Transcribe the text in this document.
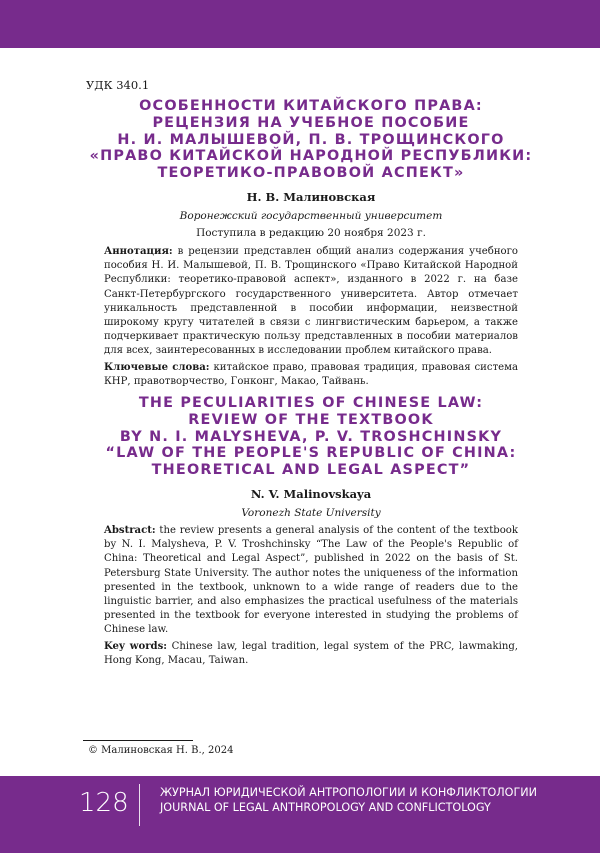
УДК 340.1
ОСОБЕННОСТИ КИТАЙСКОГО ПРАВА:
РЕЦЕНЗИЯ НА УЧЕБНОЕ ПОСОБИЕ
Н. И. МАЛЫШЕВОЙ, П. В. ТРОЩИНСКОГО
«ПРАВО КИТАЙСКОЙ НАРОДНОЙ РЕСПУБЛИКИ:
ТЕОРЕТИКО-ПРАВОВОЙ АСПЕКТ»
Н. В. Малиновская
Воронежский государственный университет
Поступила в редакцию 20 ноября 2023 г.

Аннотация: в рецензии представлен общий анализ содержания учебного пособия Н. И. Малышевой, П. В. Трощинского «Право Китайской Народной Республики: теоретико-правовой аспект», изданного в 2022 г. на базе Санкт-Петербургского государственного университета. Автор отмечает уникальность представленной в пособии информации, неизвестной широкому кругу читателей в связи с лингвистическим барьером, а также подчеркивает практическую пользу представленных в пособии материалов для всех, заинтересованных в исследовании проблем китайского права.

Ключевые слова: китайское право, правовая традиция, правовая система КНР, правотворчество, Гонконг, Макао, Тайвань.

THE PECULIARITIES OF CHINESE LAW:
REVIEW OF THE TEXTBOOK
BY N. I. MALYSHEVA, P. V. TROSHCHINSKY
“LAW OF THE PEOPLE'S REPUBLIC OF CHINA:
THEORETICAL AND LEGAL ASPECT”
N. V. Malinovskaya
Voronezh State University

Abstract: the review presents a general analysis of the content of the textbook by N. I. Malysheva, P. V. Troshchinsky “The Law of the People's Republic of China: Theoretical and Legal Aspect”, published in 2022 on the basis of St. Petersburg State University. The author notes the uniqueness of the information presented in the textbook, unknown to a wide range of readers due to the linguistic barrier, and also emphasizes the practical usefulness of the materials presented in the textbook for everyone interested in studying the problems of Chinese law.

Key words: Chinese law, legal tradition, legal system of the PRC, lawmaking, Hong Kong, Macau, Taiwan.

© Малиновская Н. В., 2024
128	ЖУРНАЛ ЮРИДИЧЕСКОЙ АНТРОПОЛОГИИ И КОНФЛИКТОЛОГИИ
JOURNAL OF LEGAL ANTHROPOLOGY AND CONFLICTOLOGY
